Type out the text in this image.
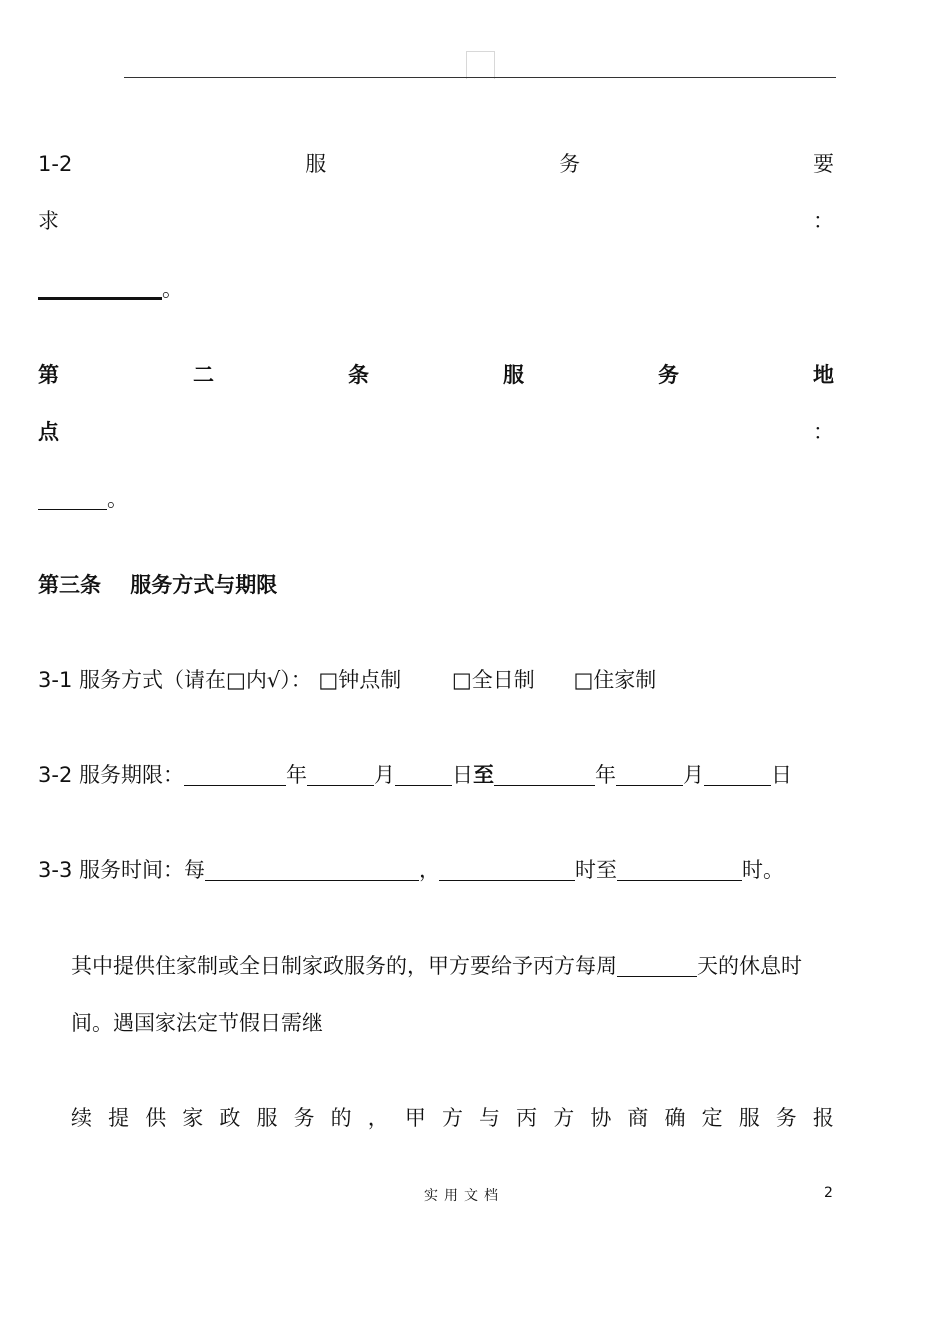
1-2	服	务	要
求	：
。
第	二	条	服	务	地
点	：
。
第三条    服务方式与期限
3-1 服务方式（请在□内√）： □钟点制 □全日制 □住家制
3-2 服务期限：	年	月	日至	年	月	日
3-3 服务时间：每	，	时至	时。
其中提供住家制或全日制家政服务的，甲方要给予丙方每周	天的休息时
间。遇国家法定节假日需继
续 提 供 家 政 服 务 的 ， 甲 方 与 丙 方 协 商 确 定 服 务 报
实用文档	2
